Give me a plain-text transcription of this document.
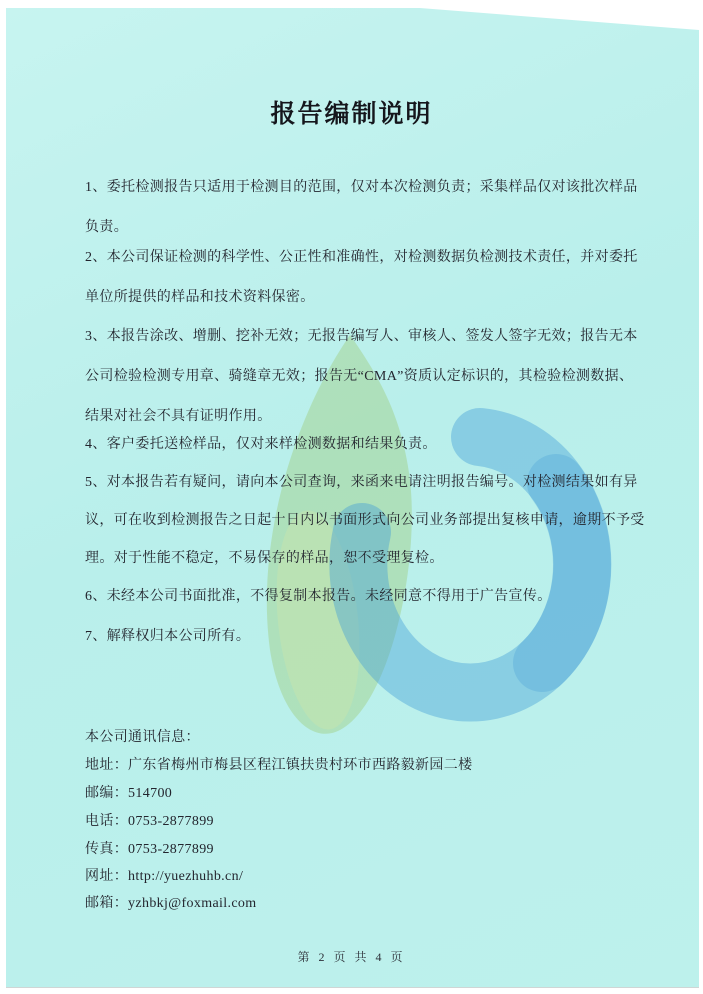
报告编制说明
1、委托检测报告只适用于检测目的范围，仅对本次检测负责；采集样品仅对该批次样品
负责。
2、本公司保证检测的科学性、公正性和准确性，对检测数据负检测技术责任，并对委托
单位所提供的样品和技术资料保密。
3、本报告涂改、增删、挖补无效；无报告编写人、审核人、签发人签字无效；报告无本
公司检验检测专用章、骑缝章无效；报告无“CMA”资质认定标识的，其检验检测数据、
结果对社会不具有证明作用。
4、客户委托送检样品，仅对来样检测数据和结果负责。
5、对本报告若有疑问，请向本公司查询，来函来电请注明报告编号。对检测结果如有异
议，可在收到检测报告之日起十日内以书面形式向公司业务部提出复核申请，逾期不予受
理。对于性能不稳定，不易保存的样品，恕不受理复检。
6、未经本公司书面批准，不得复制本报告。未经同意不得用于广告宣传。
7、解释权归本公司所有。
本公司通讯信息：
地址：广东省梅州市梅县区程江镇扶贵村环市西路毅新园二楼
邮编：514700
电话：0753-2877899
传真：0753-2877899
网址：http://yuezhuhb.cn/
邮箱：yzhbkj@foxmail.com
第 2 页 共 4 页
